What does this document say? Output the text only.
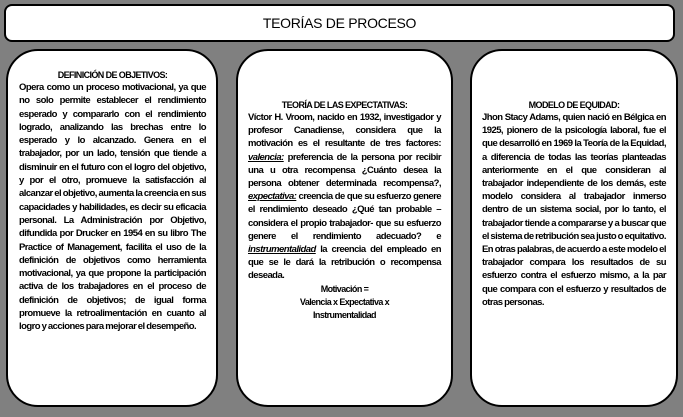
TEORÍAS DE PROCESO
DEFINICIÓN DE OBJETIVOS:
Opera como un proceso motivacional, ya que no solo permite establecer el rendimiento esperado y compararlo con el rendimiento logrado, analizando las brechas entre lo esperado y lo alcanzado. Genera en el trabajador, por un lado, tensión que tiende a disminuir en el futuro con el logro del objetivo, y por el otro, promueve la satisfacción al alcanzar el objetivo, aumenta la creencia en sus capacidades y habilidades, es decir su eficacia personal. La Administración por Objetivo, difundida por Drucker en 1954 en su libro The Practice of Management, facilita el uso de la definición de objetivos como herramienta motivacional, ya que propone la participación activa de los trabajadores en el proceso de definición de objetivos; de igual forma promueve la retroalimentación en cuanto al logro y acciones para mejorar el desempeño.
TEORÍA DE LAS EXPECTATIVAS:
Víctor H. Vroom, nacido en 1932, investigador y profesor Canadiense, considera que la motivación es el resultante de tres factores: valencia: preferencia de la persona por recibir una u otra recompensa ¿Cuánto desea la persona obtener determinada recompensa?, expectativa: creencia de que su esfuerzo genere el rendimiento deseado ¿Qué tan probable – considera el propio trabajador- que su esfuerzo genere el rendimiento adecuado? e instrumentalidad la creencia del empleado en que se le dará la retribución o recompensa deseada.
Motivación =
Valencia x Expectativa x
Instrumentalidad
MODELO DE EQUIDAD:
Jhon Stacy Adams, quien nació en Bélgica en 1925, pionero de la psicología laboral, fue el que desarrolló en 1969 la Teoría de la Equidad, a diferencia de todas las teorías planteadas anteriormente en el que consideran al trabajador independiente de los demás, este modelo considera al trabajador inmerso dentro de un sistema social, por lo tanto, el trabajador tiende a compararse y a buscar que el sistema de retribución sea justo o equitativo. En otras palabras, de acuerdo a este modelo el trabajador compara los resultados de su esfuerzo contra el esfuerzo mismo, a la par que compara con el esfuerzo y resultados de otras personas.
